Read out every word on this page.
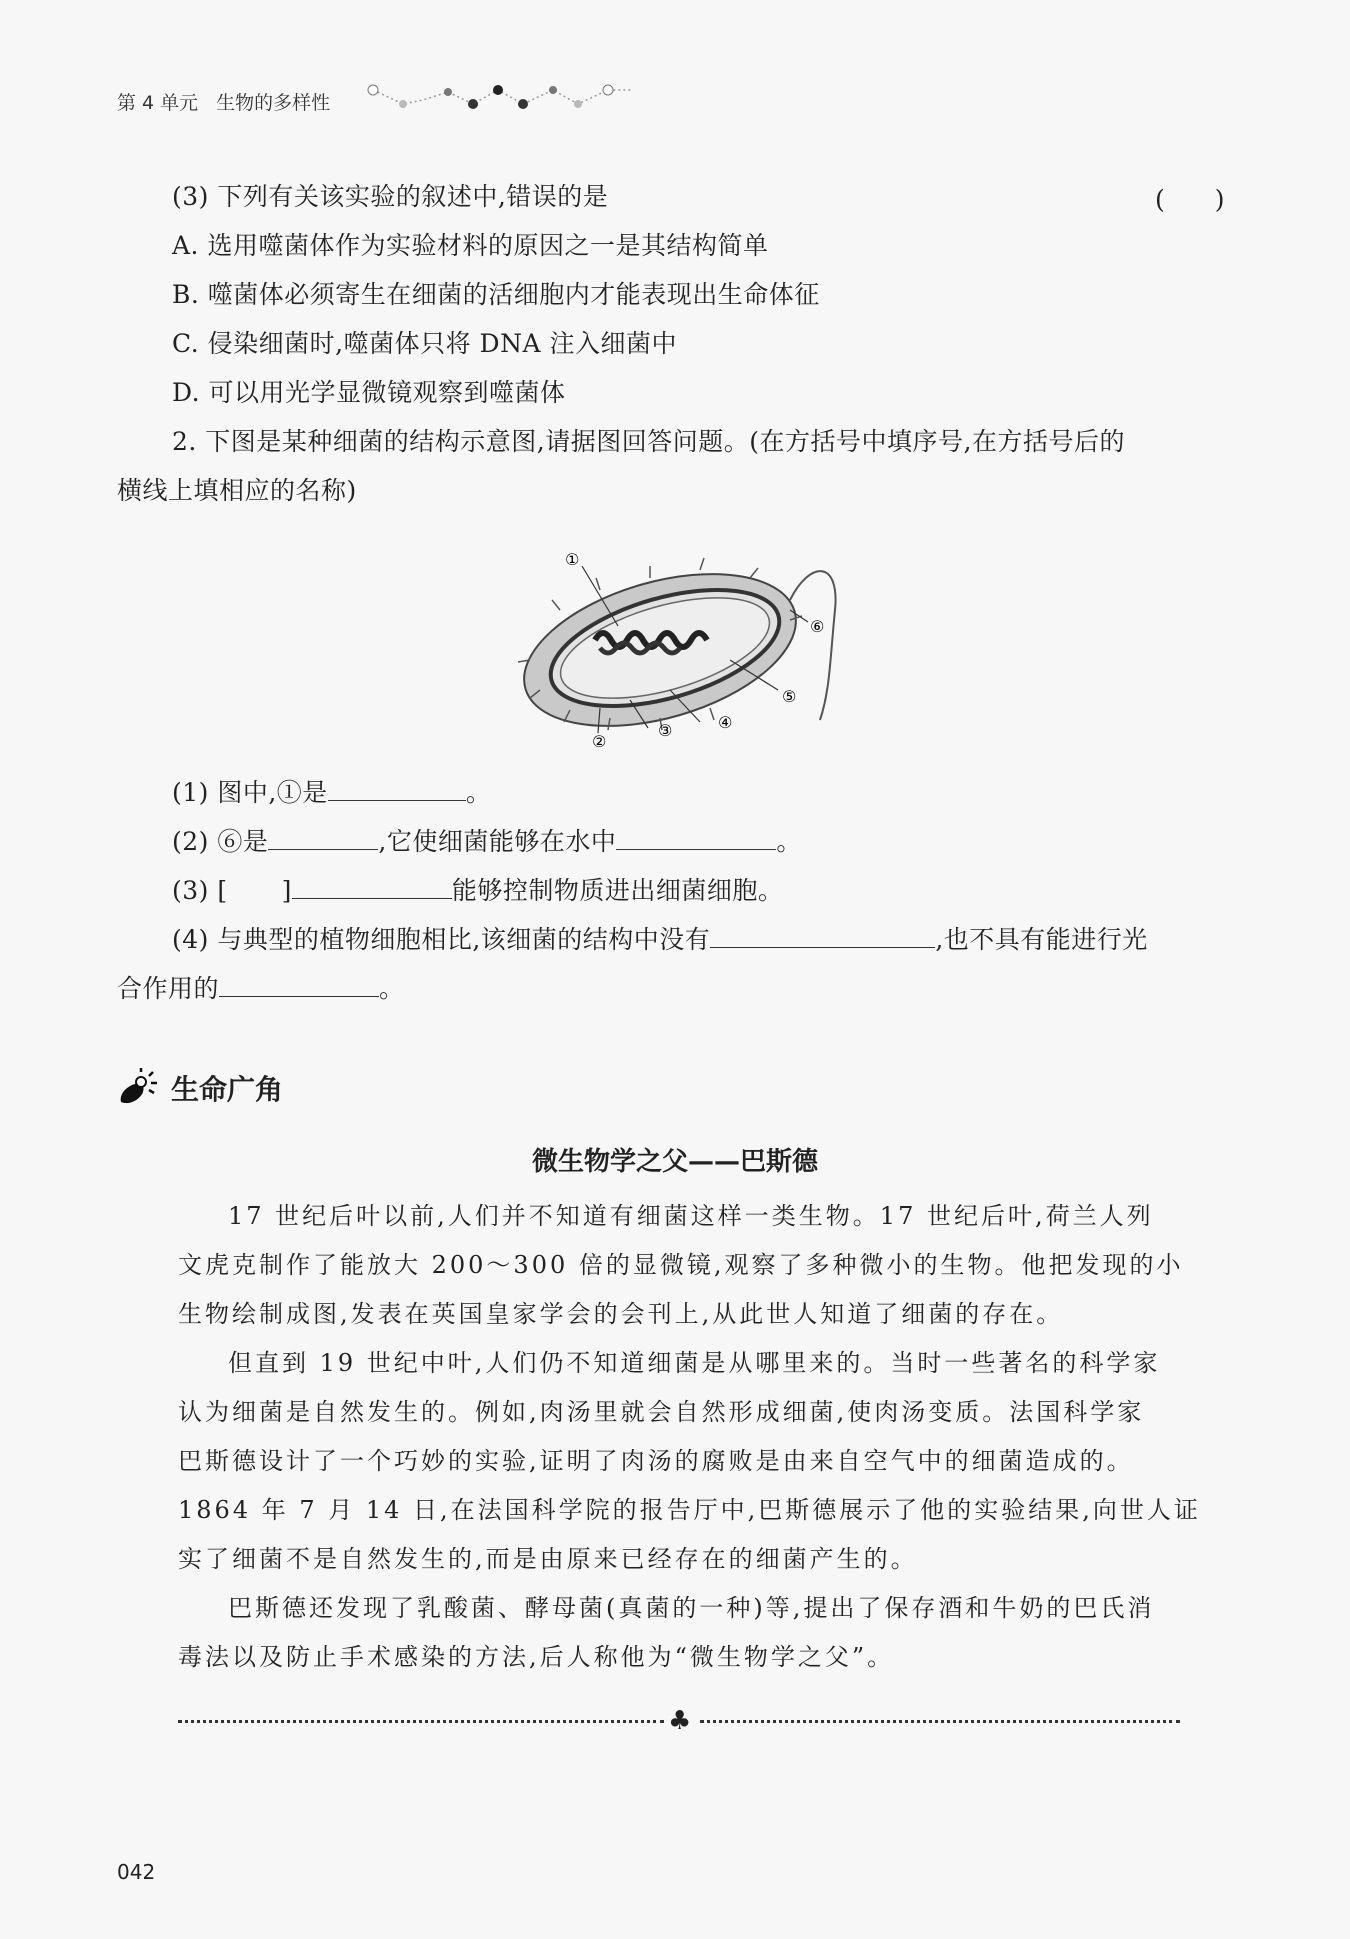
第 4 单元 生物的多样性
(3) 下列有关该实验的叙述中,错误的是	(　　)
A. 选用噬菌体作为实验材料的原因之一是其结构简单
B. 噬菌体必须寄生在细菌的活细胞内才能表现出生命体征
C. 侵染细菌时,噬菌体只将 DNA 注入细菌中
D. 可以用光学显微镜观察到噬菌体
2. 下图是某种细菌的结构示意图,请据图回答问题。(在方括号中填序号,在方括号后的
横线上填相应的名称)
①
②
③	④
⑤
⑥
(1) 图中,①是	。
(2) ⑥是	,它使细菌能够在水中	。
(3) [ ]	能够控制物质进出细菌细胞。
(4) 与典型的植物细胞相比,该细菌的结构中没有	,也不具有能进行光
合作用的	。
生命广角
微生物学之父——巴斯德
17 世纪后叶以前,人们并不知道有细菌这样一类生物。17 世纪后叶,荷兰人列
文虎克制作了能放大 200～300 倍的显微镜,观察了多种微小的生物。他把发现的小
生物绘制成图,发表在英国皇家学会的会刊上,从此世人知道了细菌的存在。
但直到 19 世纪中叶,人们仍不知道细菌是从哪里来的。当时一些著名的科学家
认为细菌是自然发生的。例如,肉汤里就会自然形成细菌,使肉汤变质。法国科学家
巴斯德设计了一个巧妙的实验,证明了肉汤的腐败是由来自空气中的细菌造成的。
1864 年 7 月 14 日,在法国科学院的报告厅中,巴斯德展示了他的实验结果,向世人证
实了细菌不是自然发生的,而是由原来已经存在的细菌产生的。
巴斯德还发现了乳酸菌、酵母菌(真菌的一种)等,提出了保存酒和牛奶的巴氏消
毒法以及防止手术感染的方法,后人称他为“微生物学之父”。
♣
042
